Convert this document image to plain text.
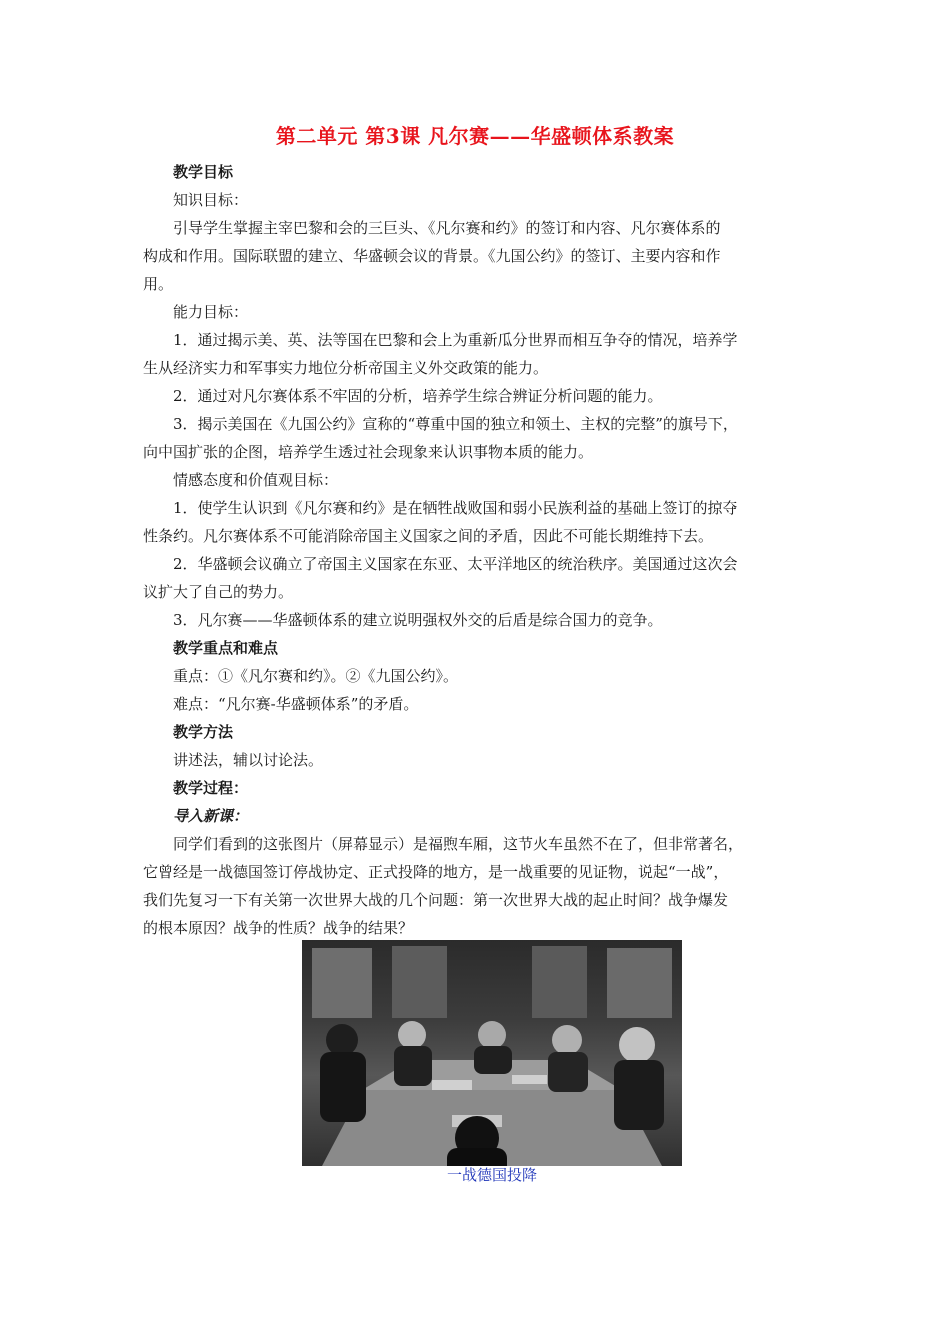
第二单元 第3课 凡尔赛——华盛顿体系教案
教学目标
知识目标：
引导学生掌握主宰巴黎和会的三巨头、《凡尔赛和约》的签订和内容、凡尔赛体系的
构成和作用。国际联盟的建立、华盛顿会议的背景。《九国公约》的签订、主要内容和作
用。
能力目标：
1．通过揭示美、英、法等国在巴黎和会上为重新瓜分世界而相互争夺的情况，培养学
生从经济实力和军事实力地位分析帝国主义外交政策的能力。
2．通过对凡尔赛体系不牢固的分析，培养学生综合辨证分析问题的能力。
3．揭示美国在《九国公约》宣称的“尊重中国的独立和领土、主权的完整”的旗号下，
向中国扩张的企图，培养学生透过社会现象来认识事物本质的能力。
情感态度和价值观目标：
1．使学生认识到《凡尔赛和约》是在牺牲战败国和弱小民族利益的基础上签订的掠夺
性条约。凡尔赛体系不可能消除帝国主义国家之间的矛盾，因此不可能长期维持下去。
2．华盛顿会议确立了帝国主义国家在东亚、太平洋地区的统治秩序。美国通过这次会
议扩大了自己的势力。
3．凡尔赛——华盛顿体系的建立说明强权外交的后盾是综合国力的竞争。
教学重点和难点
重点：①《凡尔赛和约》。②《九国公约》。
难点：“凡尔赛-华盛顿体系”的矛盾。
教学方法
讲述法，辅以讨论法。
教学过程：
导入新课：
同学们看到的这张图片（屏幕显示）是福煦车厢，这节火车虽然不在了，但非常著名，
它曾经是一战德国签订停战协定、正式投降的地方，是一战重要的见证物，说起“一战”，
我们先复习一下有关第一次世界大战的几个问题：第一次世界大战的起止时间？战争爆发
的根本原因？战争的性质？战争的结果？
一战德国投降
